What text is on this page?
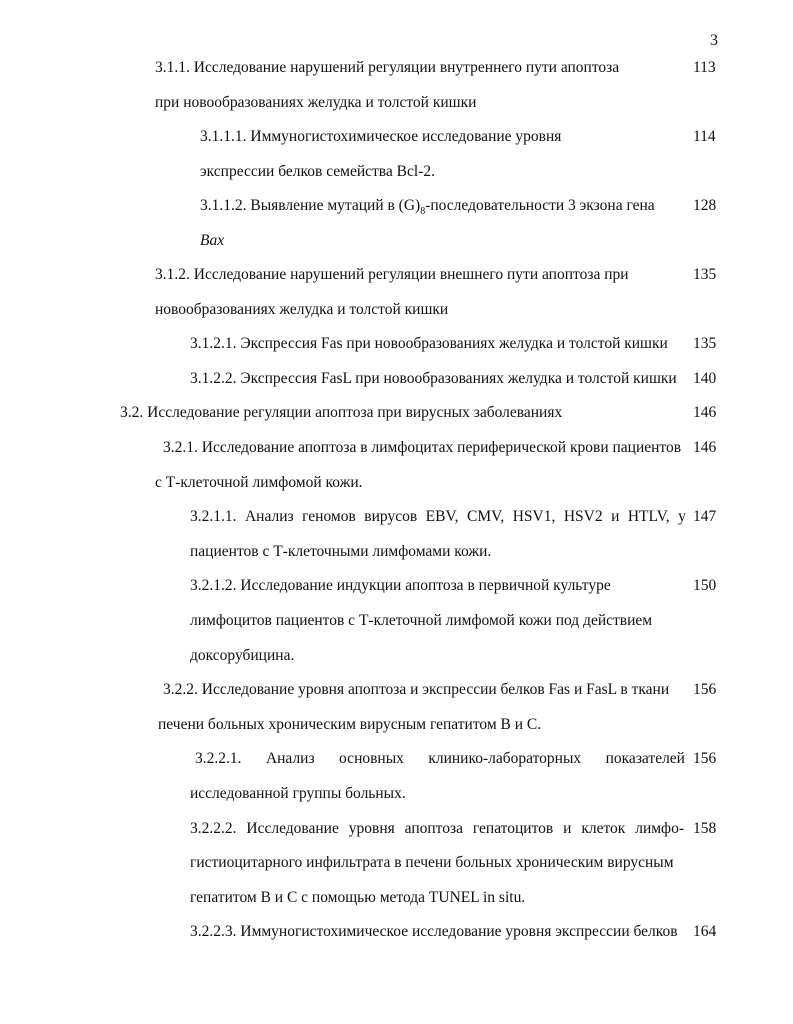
3
3.1.1. Исследование нарушений регуляции внутреннего пути апоптоза	113
при новообразованиях желудка и толстой кишки
3.1.1.1. Иммуногистохимическое исследование уровня	114
экспрессии белков семейства Bcl-2.
3.1.1.2. Выявление мутаций в $(G)_8$-последовательности 3 экзона гена 128
Bax
3.1.2. Исследование нарушений регуляции внешнего пути апоптоза при	135
новообразованиях желудка и толстой кишки
3.1.2.1. Экспрессия Fas при новообразованиях желудка и толстой кишки 135
3.1.2.2. Экспрессия FasL при новообразованиях желудка и толстой кишки 140
3.2. Исследование регуляции апоптоза при вирусных заболеваниях	146
3.2.1. Исследование апоптоза в лимфоцитах периферической крови пациентов 146
с Т-клеточной лимфомой кожи.
3.2.1.1. Анализ геномов вирусов EBV, CMV, HSV1, HSV2 и HTLV, у 147
пациентов с Т-клеточными лимфомами кожи.
3.2.1.2. Исследование индукции апоптоза в первичной культуре	150
лимфоцитов пациентов с Т-клеточной лимфомой кожи под действием
доксорубицина.
3.2.2. Исследование уровня апоптоза и экспрессии белков Fas и FasL в ткани 156
печени больных хроническим вирусным гепатитом В и С.
3.2.2.1. Анализ основных клинико-лабораторных показателей 156
исследованной группы больных.
3.2.2.2. Исследование уровня апоптоза гепатоцитов и клеток лимфо- 158
гистиоцитарного инфильтрата в печени больных хроническим вирусным
гепатитом В и С с помощью метода TUNEL in situ.
3.2.2.3. Иммуногистохимическое исследование уровня экспрессии белков 164
